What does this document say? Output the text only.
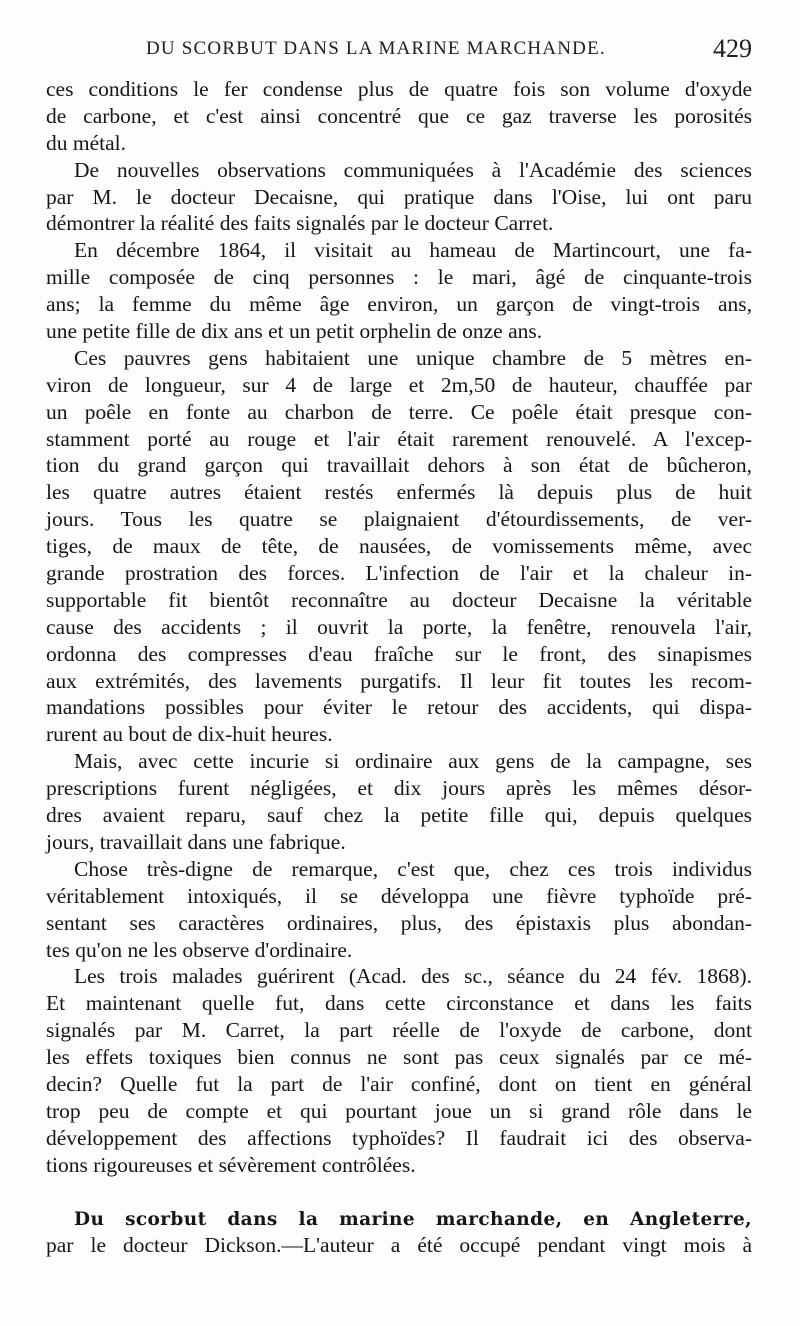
DU SCORBUT DANS LA MARINE MARCHANDE.	429
ces conditions le fer condense plus de quatre fois son volume d'oxyde
de carbone, et c'est ainsi concentré que ce gaz traverse les porosités
du métal.
De nouvelles observations communiquées à l'Académie des sciences
par M. le docteur Decaisne, qui pratique dans l'Oise, lui ont paru
démontrer la réalité des faits signalés par le docteur Carret.
En décembre 1864, il visitait au hameau de Martincourt, une fa-
mille composée de cinq personnes : le mari, âgé de cinquante-trois
ans; la femme du même âge environ, un garçon de vingt-trois ans,
une petite fille de dix ans et un petit orphelin de onze ans.
Ces pauvres gens habitaient une unique chambre de 5 mètres en-
viron de longueur, sur 4 de large et 2m,50 de hauteur, chauffée par
un poêle en fonte au charbon de terre. Ce poêle était presque con-
stamment porté au rouge et l'air était rarement renouvelé. A l'excep-
tion du grand garçon qui travaillait dehors à son état de bûcheron,
les quatre autres étaient restés enfermés là depuis plus de huit
jours. Tous les quatre se plaignaient d'étourdissements, de ver-
tiges, de maux de tête, de nausées, de vomissements même, avec
grande prostration des forces. L'infection de l'air et la chaleur in-
supportable fit bientôt reconnaître au docteur Decaisne la véritable
cause des accidents ; il ouvrit la porte, la fenêtre, renouvela l'air,
ordonna des compresses d'eau fraîche sur le front, des sinapismes
aux extrémités, des lavements purgatifs. Il leur fit toutes les recom-
mandations possibles pour éviter le retour des accidents, qui dispa-
rurent au bout de dix-huit heures.
Mais, avec cette incurie si ordinaire aux gens de la campagne, ses
prescriptions furent négligées, et dix jours après les mêmes désor-
dres avaient reparu, sauf chez la petite fille qui, depuis quelques
jours, travaillait dans une fabrique.
Chose très-digne de remarque, c'est que, chez ces trois individus
véritablement intoxiqués, il se développa une fièvre typhoïde pré-
sentant ses caractères ordinaires, plus, des épistaxis plus abondan-
tes qu'on ne les observe d'ordinaire.
Les trois malades guérirent (Acad. des sc., séance du 24 fév. 1868).
Et maintenant quelle fut, dans cette circonstance et dans les faits
signalés par M. Carret, la part réelle de l'oxyde de carbone, dont
les effets toxiques bien connus ne sont pas ceux signalés par ce mé-
decin? Quelle fut la part de l'air confiné, dont on tient en général
trop peu de compte et qui pourtant joue un si grand rôle dans le
développement des affections typhoïdes? Il faudrait ici des observa-
tions rigoureuses et sévèrement contrôlées.
Du scorbut dans la marine marchande, en Angleterre,
par le docteur Dickson.—L'auteur a été occupé pendant vingt mois à
